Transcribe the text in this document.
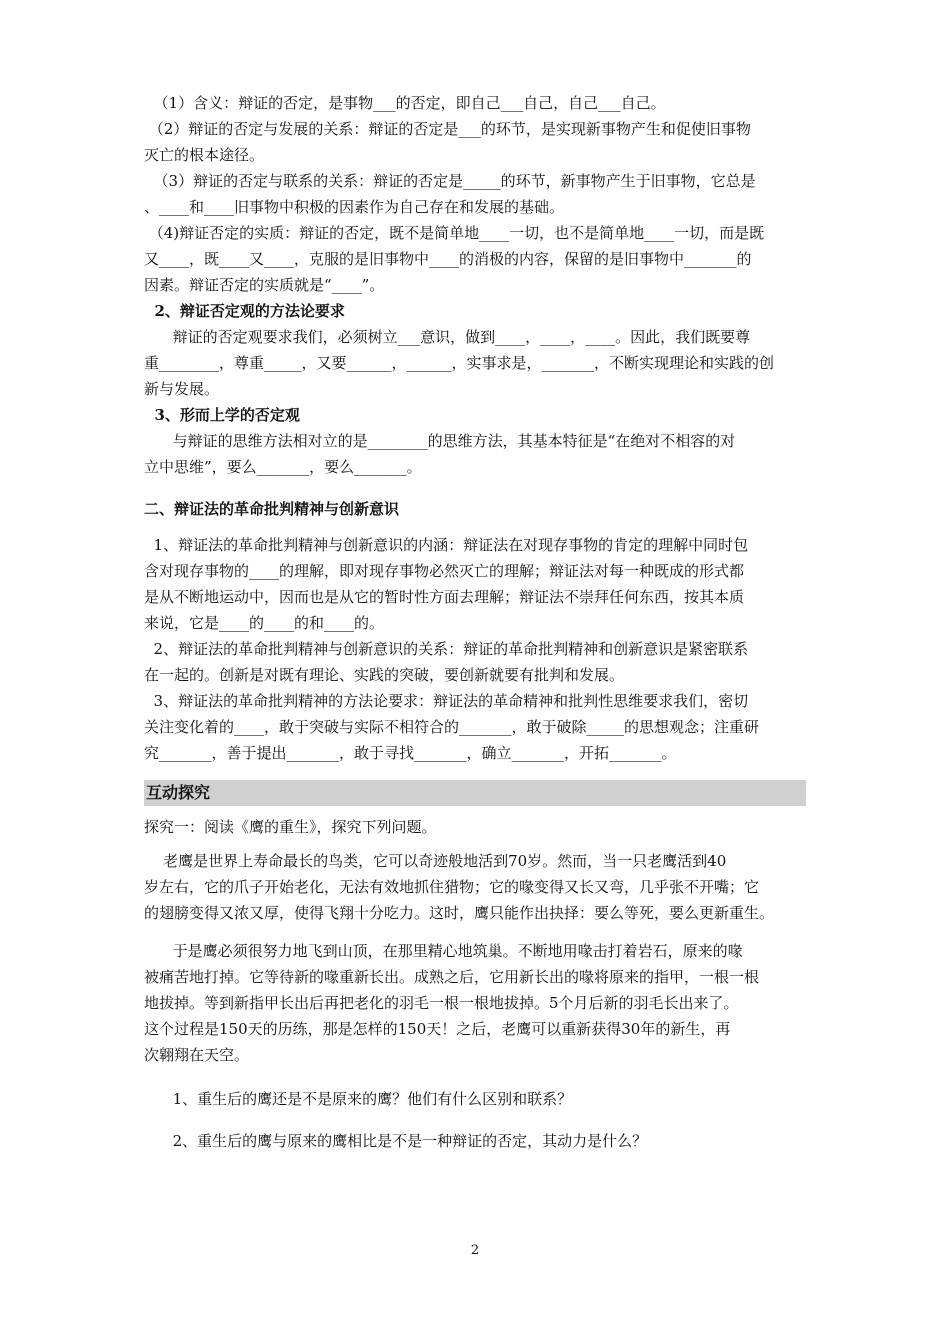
（1）含义：辩证的否定，是事物___的否定，即自己___自己，自己___自己。
（2）辩证的否定与发展的关系：辩证的否定是___的环节，是实现新事物产生和促使旧事物
灭亡的根本途径。
（3）辩证的否定与联系的关系：辩证的否定是_____的环节，新事物产生于旧事物，它总是
、____和____旧事物中积极的因素作为自己存在和发展的基础。
（4)辩证否定的实质：辩证的否定，既不是简单地____一切，也不是简单地____一切，而是既
又____，既____又____，克服的是旧事物中____的消极的内容，保留的是旧事物中_______的
因素。辩证否定的实质就是“____”。
2、辩证否定观的方法论要求
辩证的否定观要求我们，必须树立___意识，做到____，____，____。因此，我们既要尊
重________，尊重_____，又要______，______，实事求是，_______，不断实现理论和实践的创
新与发展。
3、形而上学的否定观
与辩证的思维方法相对立的是________的思维方法，其基本特征是“在绝对不相容的对
立中思维”，要么_______，要么_______。
二、辩证法的革命批判精神与创新意识
1、辩证法的革命批判精神与创新意识的内涵：辩证法在对现存事物的肯定的理解中同时包
含对现存事物的____的理解，即对现存事物必然灭亡的理解；辩证法对每一种既成的形式都
是从不断地运动中，因而也是从它的暂时性方面去理解；辩证法不崇拜任何东西，按其本质
来说，它是____的____的和____的。
2、辩证法的革命批判精神与创新意识的关系：辩证的革命批判精神和创新意识是紧密联系
在一起的。创新是对既有理论、实践的突破，要创新就要有批判和发展。
3、辩证法的革命批判精神的方法论要求：辩证法的革命精神和批判性思维要求我们，密切
关注变化着的____，敢于突破与实际不相符合的_______，敢于破除_____的思想观念；注重研
究_______，善于提出_______，敢于寻找_______，确立_______，开拓_______。
互动探究
探究一：阅读《鹰的重生》，探究下列问题。
老鹰是世界上寿命最长的鸟类，它可以奇迹般地活到70岁。然而，当一只老鹰活到40
岁左右，它的爪子开始老化，无法有效地抓住猎物；它的喙变得又长又弯，几乎张不开嘴；它
的翅膀变得又浓又厚，使得飞翔十分吃力。这时，鹰只能作出抉择：要么等死，要么更新重生。
于是鹰必须很努力地飞到山顶，在那里精心地筑巢。不断地用喙击打着岩石，原来的喙
被痛苦地打掉。它等待新的喙重新长出。成熟之后，它用新长出的喙将原来的指甲，一根一根
地拔掉。等到新指甲长出后再把老化的羽毛一根一根地拔掉。5个月后新的羽毛长出来了。
这个过程是150天的历练，那是怎样的150天！之后，老鹰可以重新获得30年的新生，再
次翱翔在天空。
1、重生后的鹰还是不是原来的鹰？他们有什么区别和联系？
2、重生后的鹰与原来的鹰相比是不是一种辩证的否定，其动力是什么？
2
